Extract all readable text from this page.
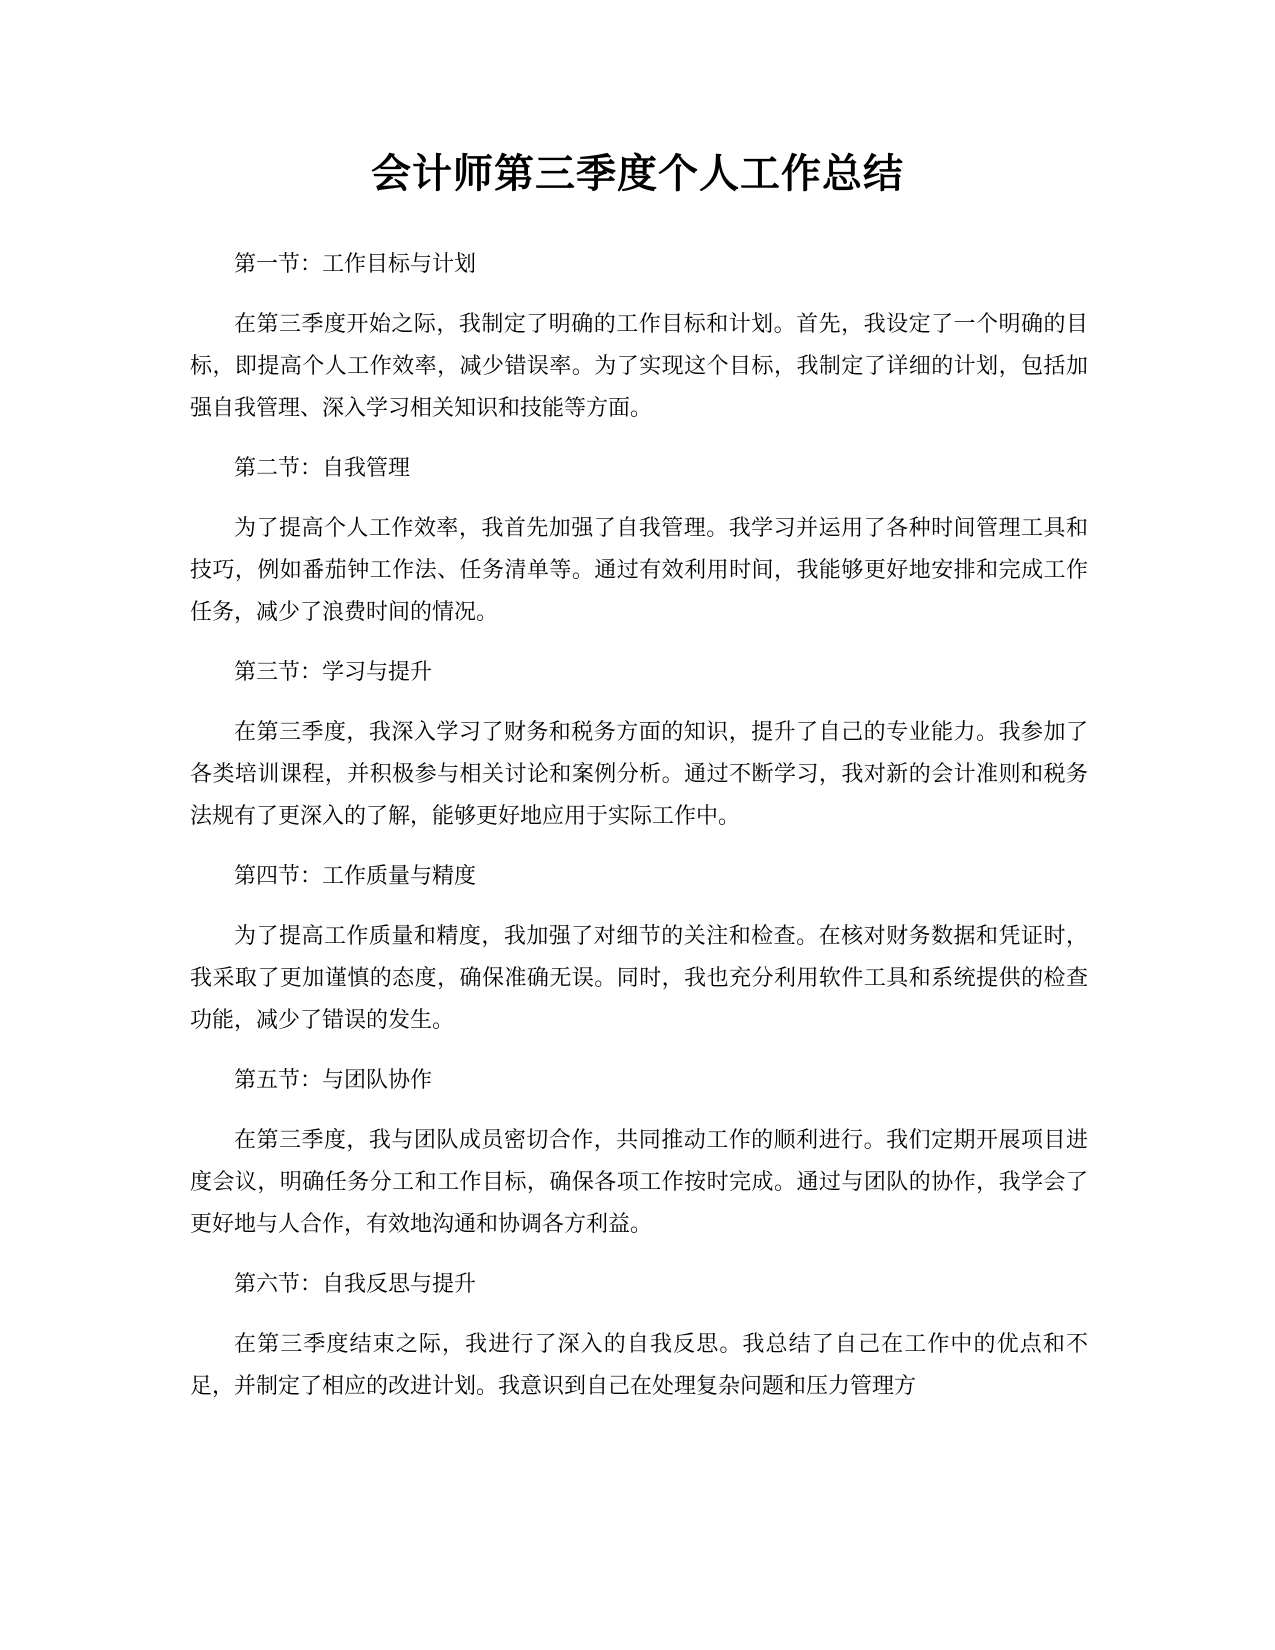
会计师第三季度个人工作总结

第一节：工作目标与计划

在第三季度开始之际，我制定了明确的工作目标和计划。首先，我设定了一个明确的目标，即提高个人工作效率，减少错误率。为了实现这个目标，我制定了详细的计划，包括加强自我管理、深入学习相关知识和技能等方面。

第二节：自我管理

为了提高个人工作效率，我首先加强了自我管理。我学习并运用了各种时间管理工具和技巧，例如番茄钟工作法、任务清单等。通过有效利用时间，我能够更好地安排和完成工作任务，减少了浪费时间的情况。

第三节：学习与提升

在第三季度，我深入学习了财务和税务方面的知识，提升了自己的专业能力。我参加了各类培训课程，并积极参与相关讨论和案例分析。通过不断学习，我对新的会计准则和税务法规有了更深入的了解，能够更好地应用于实际工作中。

第四节：工作质量与精度

为了提高工作质量和精度，我加强了对细节的关注和检查。在核对财务数据和凭证时，我采取了更加谨慎的态度，确保准确无误。同时，我也充分利用软件工具和系统提供的检查功能，减少了错误的发生。

第五节：与团队协作

在第三季度，我与团队成员密切合作，共同推动工作的顺利进行。我们定期开展项目进度会议，明确任务分工和工作目标，确保各项工作按时完成。通过与团队的协作，我学会了更好地与人合作，有效地沟通和协调各方利益。

第六节：自我反思与提升

在第三季度结束之际，我进行了深入的自我反思。我总结了自己在工作中的优点和不足，并制定了相应的改进计划。我意识到自己在处理复杂问题和压力管理方
